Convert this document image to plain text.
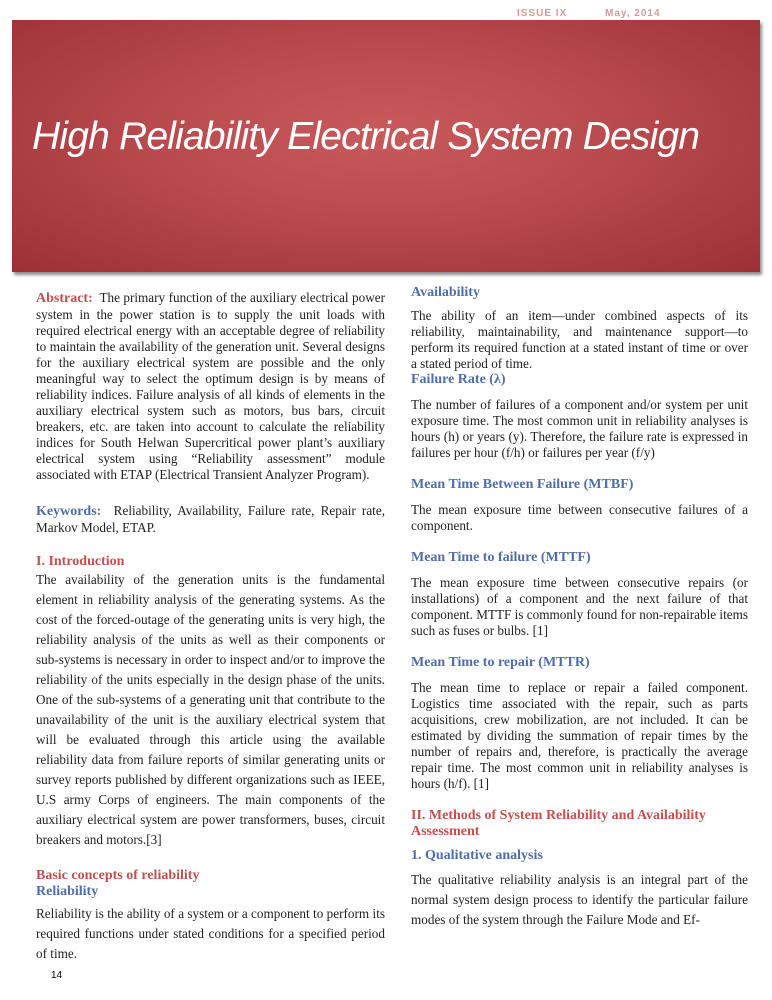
High Reliability Electrical System Design
PGESCo Engineering Magazine	ISSUE IX	May, 2014

Abstract: The primary function of the auxiliary electrical power system in the power station is to supply the unit loads with required electrical energy with an acceptable degree of reliability to maintain the availability of the generation unit. Several designs for the auxiliary electrical system are possible and the only meaningful way to select the optimum design is by means of reliability indices. Failure analysis of all kinds of elements in the auxiliary electrical system such as motors, bus bars, circuit breakers, etc. are taken into account to calculate the reliability indices for South Helwan Supercritical power plant’s auxiliary electrical system using “Reliability assessment” module associated with ETAP (Electrical Transient Analyzer Program).

Keywords: Reliability, Availability, Failure rate, Repair rate, Markov Model, ETAP.

I. Introduction

The availability of the generation units is the fundamental element in reliability analysis of the generating systems. As the cost of the forced-outage of the generating units is very high, the reliability analysis of the units as well as their components or sub-systems is necessary in order to inspect and/or to improve the reliability of the units especially in the design phase of the units. One of the sub-systems of a generating unit that contribute to the unavailability of the unit is the auxiliary electrical system that will be evaluated through this article using the available reliability data from failure reports of similar generating units or survey reports published by different organizations such as IEEE, U.S army Corps of engineers. The main components of the auxiliary electrical system are power transformers, buses, circuit breakers and motors.[3]

Basic concepts of reliability
Reliability

Reliability is the ability of a system or a component to perform its required functions under stated conditions for a specified period of time.

Availability

The ability of an item—under combined aspects of its reliability, maintainability, and maintenance support—to perform its required function at a stated instant of time or over a stated period of time.

Failure Rate (λ)

The number of failures of a component and/or system per unit exposure time. The most common unit in reliability analyses is hours (h) or years (y). Therefore, the failure rate is expressed in failures per hour (f/h) or failures per year (f/y)

Mean Time Between Failure (MTBF)

The mean exposure time between consecutive failures of a component.

Mean Time to failure (MTTF)

The mean exposure time between consecutive repairs (or installations) of a component and the next failure of that component. MTTF is commonly found for non-repairable items such as fuses or bulbs. [1]

Mean Time to repair (MTTR)

The mean time to replace or repair a failed component. Logistics time associated with the repair, such as parts acquisitions, crew mobilization, are not included. It can be estimated by dividing the summation of repair times by the number of repairs and, therefore, is practically the average repair time. The most common unit in reliability analyses is hours (h/f). [1]

II. Methods of System Reliability and Availability Assessment
1. Qualitative analysis

The qualitative reliability analysis is an integral part of the normal system design process to identify the particular failure modes of the system through the Failure Mode and Ef-

14
